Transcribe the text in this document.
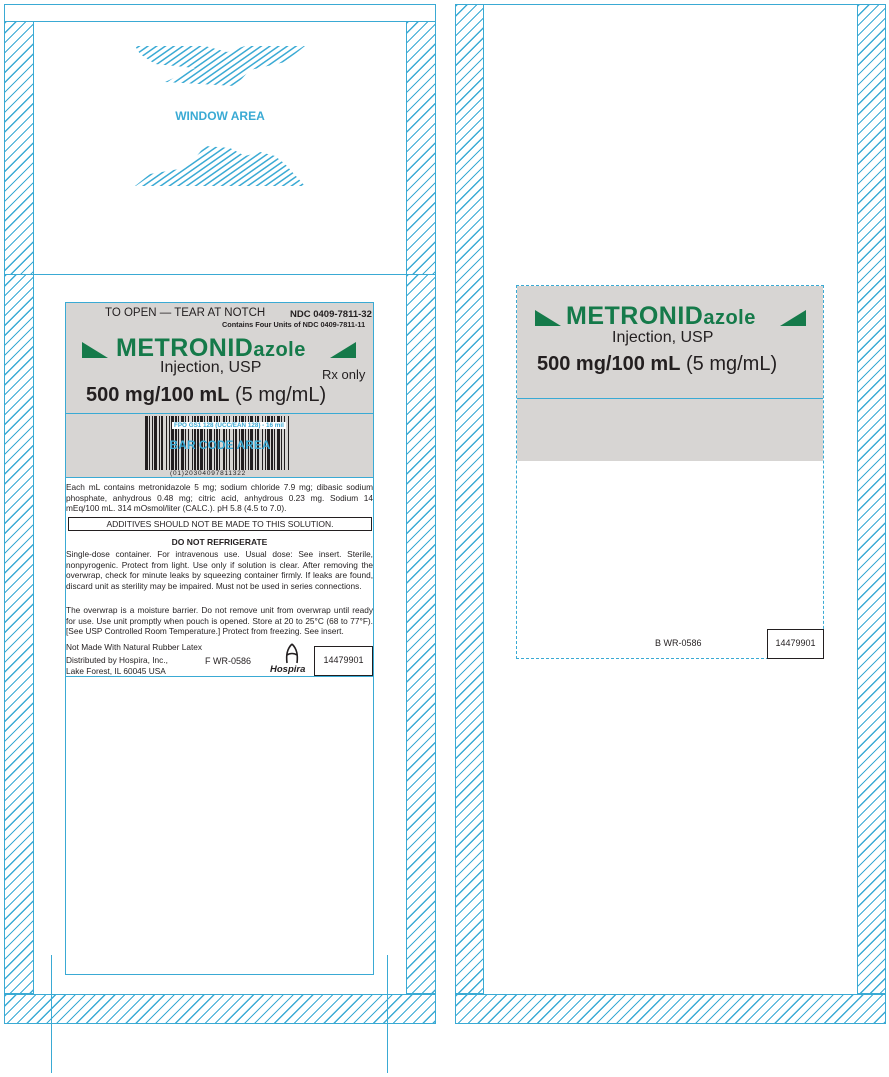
WINDOW AREA
TO OPEN — TEAR AT NOTCH	NDC 0409-7811-32
Contains Four Units of NDC 0409-7811-11
METRONIDazole
Injection, USP	Rx only
500 mg/100 mL (5 mg/mL)
FPO GS1 128 (UCC/EAN 128) - 16 mil
BAR CODE AREA
(01)20304097811322
Each mL contains metronidazole 5 mg; sodium chloride 7.9 mg; dibasic sodium phosphate, anhydrous 0.48 mg; citric acid, anhydrous 0.23 mg. Sodium 14 mEq/100 mL. 314 mOsmol/liter (CALC.). pH 5.8 (4.5 to 7.0).
ADDITIVES SHOULD NOT BE MADE TO THIS SOLUTION.
DO NOT REFRIGERATE
Single-dose container. For intravenous use. Usual dose: See insert. Sterile, nonpyrogenic. Protect from light. Use only if solution is clear. After removing the overwrap, check for minute leaks by squeezing container firmly. If leaks are found, discard unit as sterility may be impaired. Must not be used in series connections.
The overwrap is a moisture barrier. Do not remove unit from overwrap until ready for use. Use unit promptly when pouch is opened. Store at 20 to 25°C (68 to 77°F). [See USP Controlled Room Temperature.] Protect from freezing. See insert.
Not Made With Natural Rubber Latex
Distributed by Hospira, Inc.,
Lake Forest, IL 60045 USA
F WR-0586
Hospira
14479901
METRONIDazole
Injection, USP
500 mg/100 mL (5 mg/mL)
B WR-0586	14479901
